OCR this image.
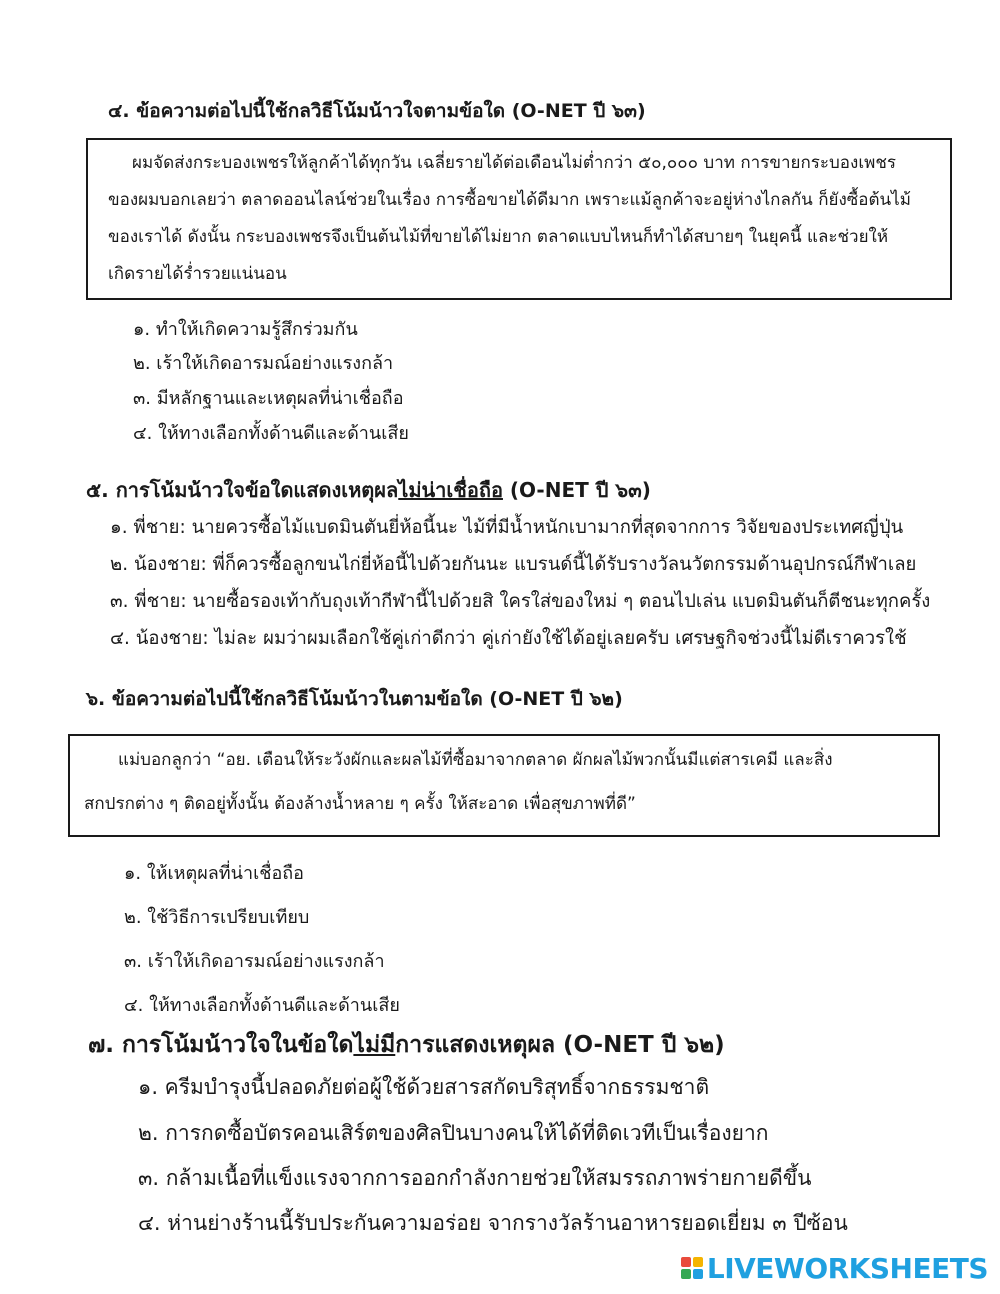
๔. ข้อความต่อไปนี้ใช้กลวิธีโน้มน้าวใจตามข้อใด (O-NET ปี ๖๓)
ผมจัดส่งกระบองเพชรให้ลูกค้าได้ทุกวัน เฉลี่ยรายได้ต่อเดือนไม่ต่ำกว่า ๕๐,๐๐๐ บาท การขายกระบองเพชร
ของผมบอกเลยว่า ตลาดออนไลน์ช่วยในเรื่อง การซื้อขายได้ดีมาก เพราะแม้ลูกค้าจะอยู่ห่างไกลกัน ก็ยังซื้อต้นไม้
ของเราได้ ดังนั้น กระบองเพชรจึงเป็นต้นไม้ที่ขายได้ไม่ยาก ตลาดแบบไหนก็ทำได้สบายๆ ในยุคนี้ และช่วยให้
เกิดรายได้ร่ำรวยแน่นอน
๑. ทำให้เกิดความรู้สึกร่วมกัน
๒. เร้าให้เกิดอารมณ์อย่างแรงกล้า
๓. มีหลักฐานและเหตุผลที่น่าเชื่อถือ
๔. ให้ทางเลือกทั้งด้านดีและด้านเสีย
๕. การโน้มน้าวใจข้อใดแสดงเหตุผลไม่น่าเชื่อถือ (O-NET ปี ๖๓)
๑. พี่ชาย: นายควรซื้อไม้แบดมินตันยี่ห้อนี้นะ ไม้ที่มีน้ำหนักเบามากที่สุดจากการ วิจัยของประเทศญี่ปุ่น
๒. น้องชาย: พี่ก็ควรซื้อลูกขนไก่ยี่ห้อนี้ไปด้วยกันนะ แบรนด์นี้ได้รับรางวัลนวัตกรรมด้านอุปกรณ์กีฬาเลย
๓. พี่ชาย: นายซื้อรองเท้ากับถุงเท้ากีฬานี้ไปด้วยสิ ใครใส่ของใหม่ ๆ ตอนไปเล่น แบดมินตันก็ตีชนะทุกครั้ง
๔. น้องชาย: ไม่ละ ผมว่าผมเลือกใช้คู่เก่าดีกว่า คู่เก่ายังใช้ได้อยู่เลยครับ เศรษฐกิจช่วงนี้ไม่ดีเราควรใช้
๖. ข้อความต่อไปนี้ใช้กลวิธีโน้มน้าวในตามข้อใด (O-NET ปี ๖๒)
แม่บอกลูกว่า “อย. เตือนให้ระวังผักและผลไม้ที่ซื้อมาจากตลาด ผักผลไม้พวกนั้นมีแต่สารเคมี และสิ่ง
สกปรกต่าง ๆ ติดอยู่ทั้งนั้น ต้องล้างน้ำหลาย ๆ ครั้ง ให้สะอาด เพื่อสุขภาพที่ดี”
๑. ให้เหตุผลที่น่าเชื่อถือ
๒. ใช้วิธีการเปรียบเทียบ
๓. เร้าให้เกิดอารมณ์อย่างแรงกล้า
๔. ให้ทางเลือกทั้งด้านดีและด้านเสีย
๗. การโน้มน้าวใจในข้อใดไม่มีการแสดงเหตุผล (O-NET ปี ๖๒)
๑. ครีมบำรุงนี้ปลอดภัยต่อผู้ใช้ด้วยสารสกัดบริสุทธิ์จากธรรมชาติ
๒. การกดซื้อบัตรคอนเสิร์ตของศิลปินบางคนให้ได้ที่ติดเวทีเป็นเรื่องยาก
๓. กล้ามเนื้อที่แข็งแรงจากการออกกำลังกายช่วยให้สมรรถภาพร่ายกายดีขึ้น
๔. ห่านย่างร้านนี้รับประกันความอร่อย จากรางวัลร้านอาหารยอดเยี่ยม ๓ ปีซ้อน
LIVEWORKSHEETS
